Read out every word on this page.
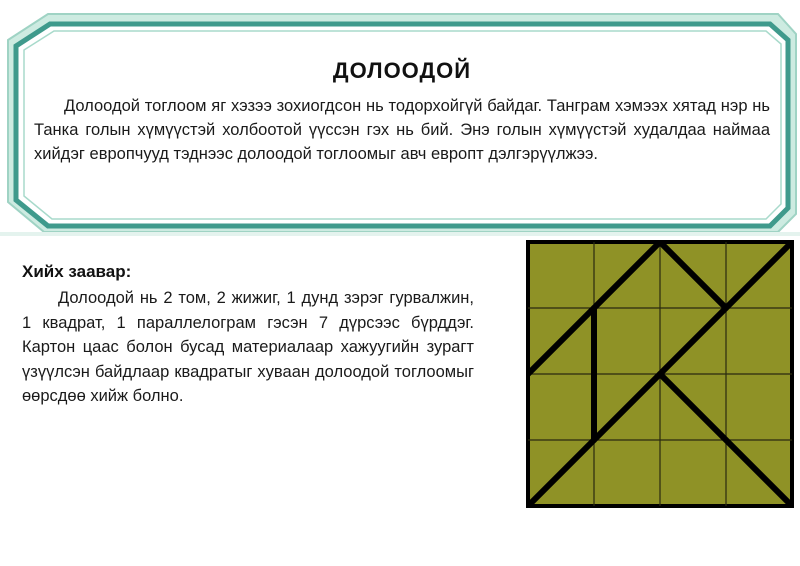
ДОЛООДОЙ

Долоодой тоглоом яг хэзээ зохиогдсон нь тодорхойгүй байдаг. Танграм хэмээх хятад нэр нь Танка голын хүмүүстэй холбоотой үүссэн гэх нь бий. Энэ голын хүмүүстэй худалдаа наймаа хийдэг европчууд тэднээс долоодой тоглоомыг авч европт дэлгэрүүлжээ.

Хийх заавар:

Долоодой нь 2 том, 2 жижиг, 1 дунд зэрэг гурвалжин, 1 квадрат, 1 параллелограм гэсэн 7 дүрсээс бүрддэг. Картон цаас болон бусад материалаар хажуугийн зурагт үзүүлсэн байдлаар квадратыг хуваан долоодой тоглоомыг өөрсдөө хийж болно.
